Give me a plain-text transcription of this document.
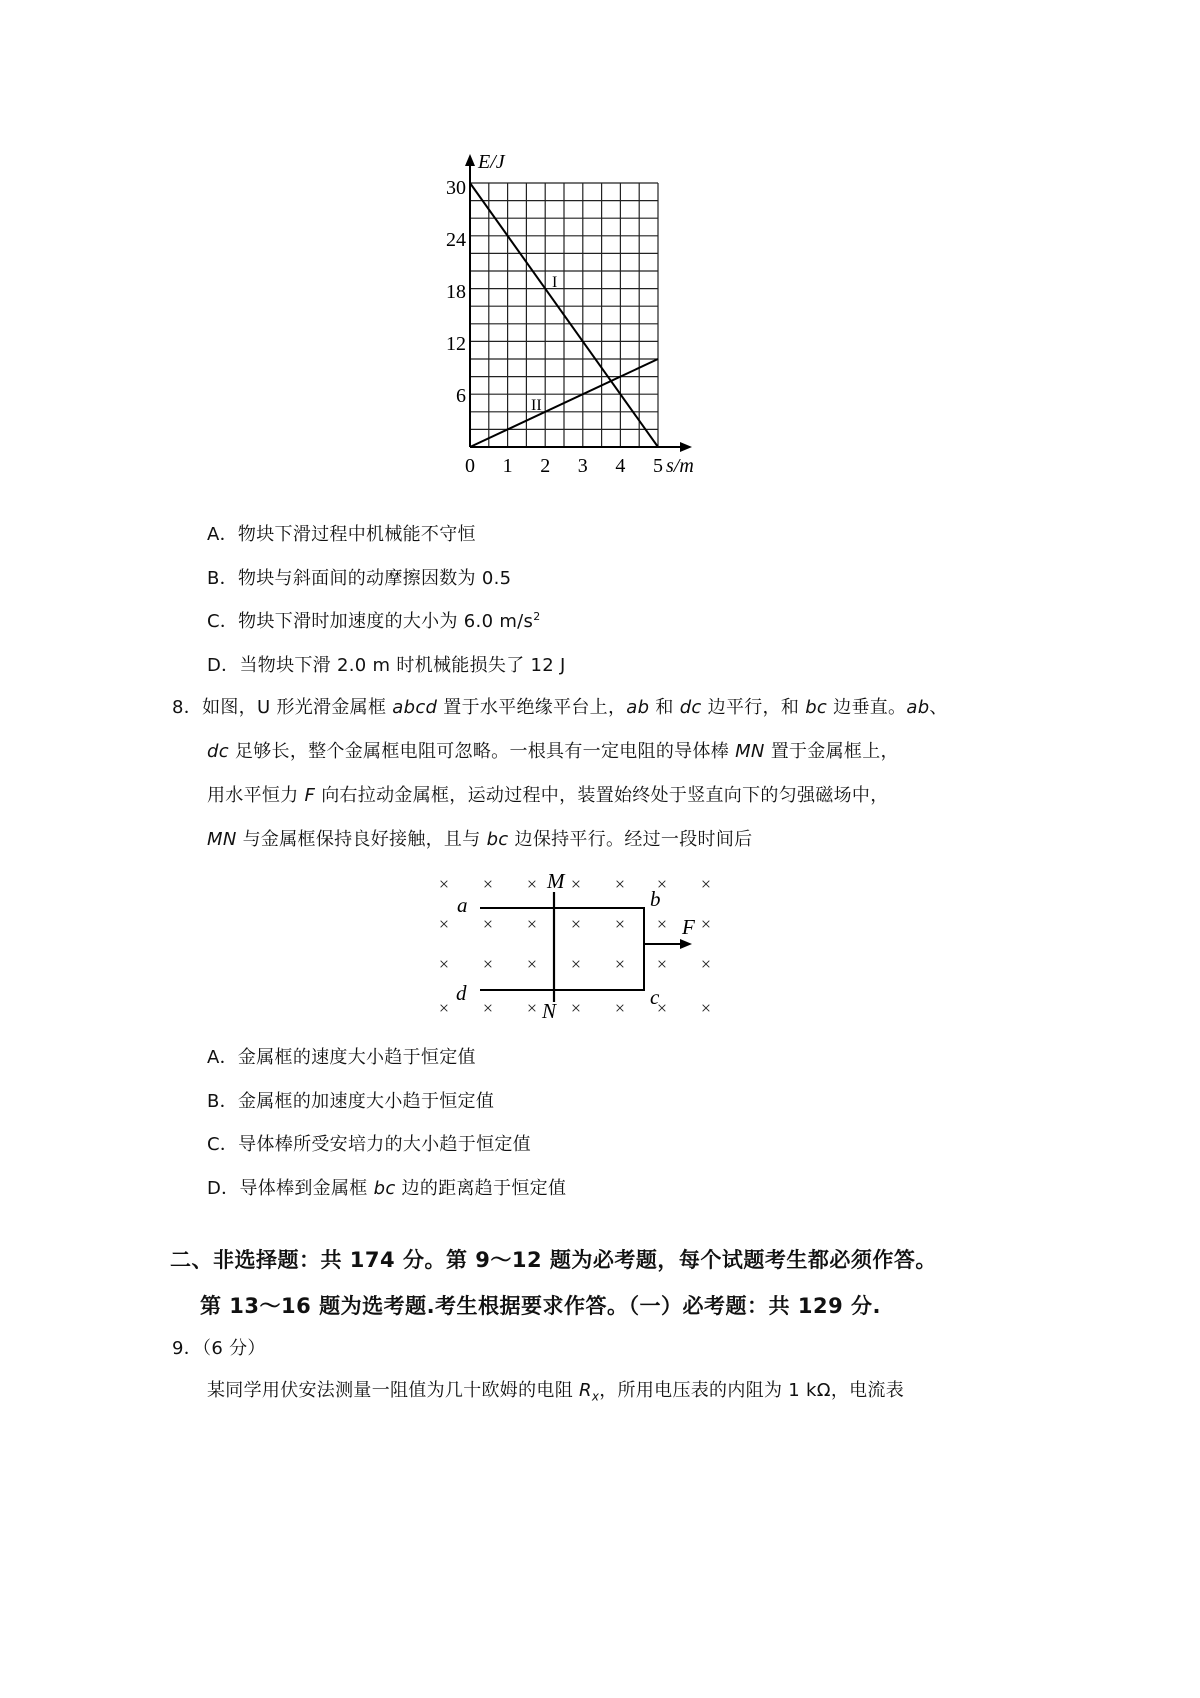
E/J
s/m
6
12
18
24
30
0 1 2 3 4 5
I
II
A．物块下滑过程中机械能不守恒
B．物块与斜面间的动摩擦因数为 0.5
C．物块下滑时加速度的大小为 6.0 $m/s^2$
D．当物块下滑 2.0 m 时机械能损失了 12 J
8．如图，U 形光滑金属框 abcd 置于水平绝缘平台上，ab 和 dc 边平行，和 bc 边垂直。ab、
dc 足够长，整个金属框电阻可忽略。一根具有一定电阻的导体棒 MN 置于金属框上，
用水平恒力 F 向右拉动金属框，运动过程中，装置始终处于竖直向下的匀强磁场中，
MN 与金属框保持良好接触，且与 bc 边保持平行。经过一段时间后
× × × × × × ×
× × × × × × ×
× × × × × × ×
× × × × × × ×
a	b
c
d
M
N
F
A．金属框的速度大小趋于恒定值
B．金属框的加速度大小趋于恒定值
C．导体棒所受安培力的大小趋于恒定值
D．导体棒到金属框 bc 边的距离趋于恒定值
二、非选择题：共 174 分。第 9～12 题为必考题，每个试题考生都必须作答。
第 13～16 题为选考题.考生根据要求作答。（一）必考题：共 129 分.
9．（6 分）
某同学用伏安法测量一阻值为几十欧姆的电阻 $R_x$，所用电压表的内阻为 1 kΩ，电流表
